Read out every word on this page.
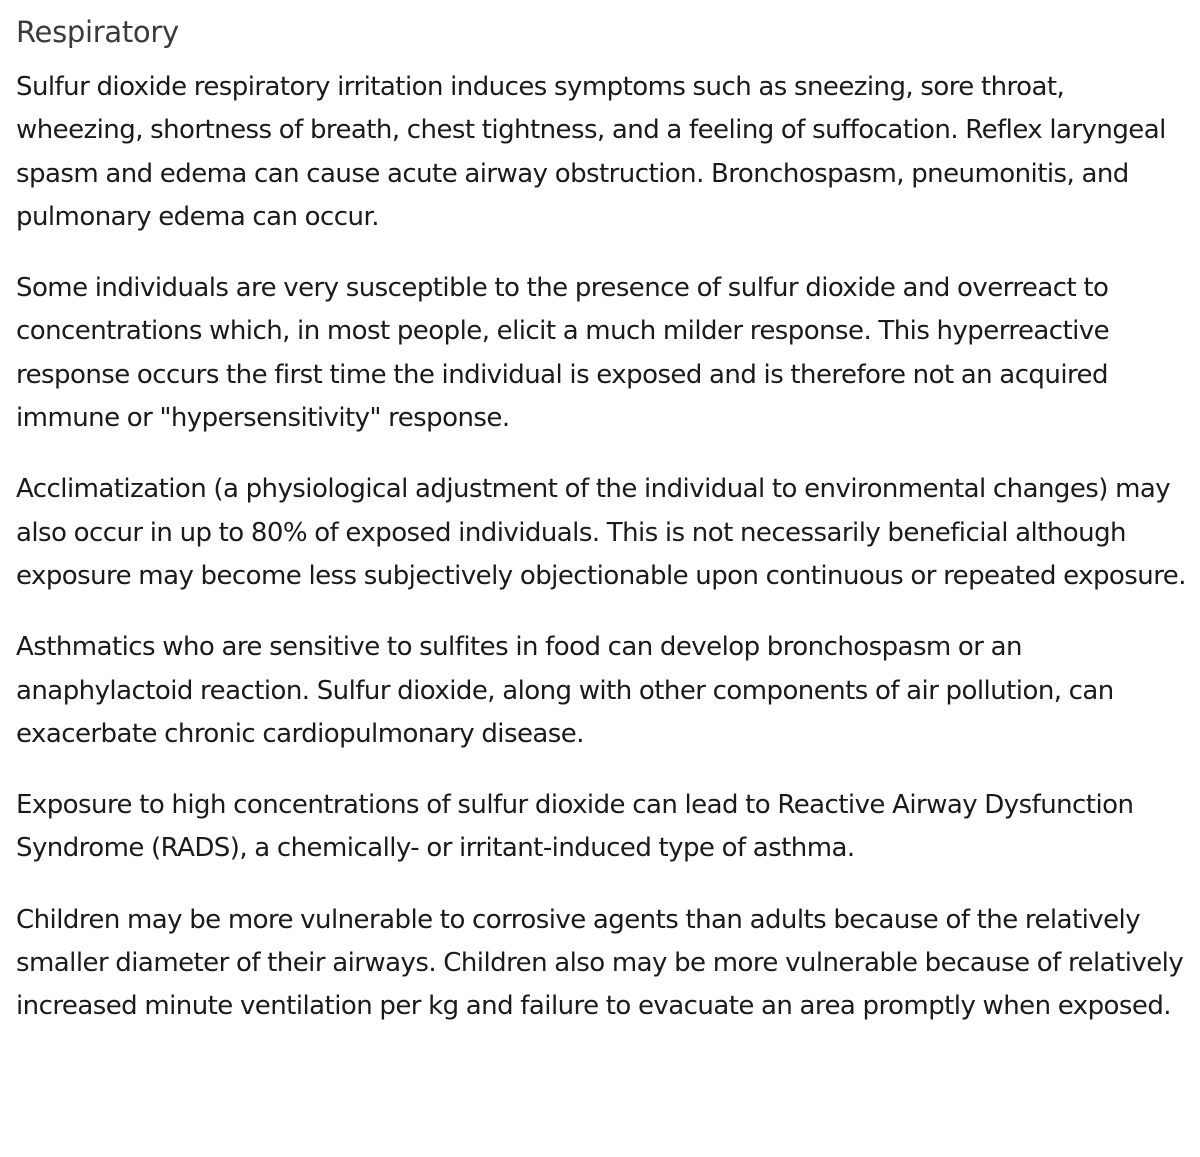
Respiratory

Sulfur dioxide respiratory irritation induces symptoms such as sneezing, sore throat, wheezing, shortness of breath, chest tightness, and a feeling of suffocation. Reflex laryngeal spasm and edema can cause acute airway obstruction. Bronchospasm, pneumonitis, and pulmonary edema can occur.

Some individuals are very susceptible to the presence of sulfur dioxide and overreact to concentrations which, in most people, elicit a much milder response. This hyperreactive response occurs the first time the individual is exposed and is therefore not an acquired immune or "hypersensitivity" response.

Acclimatization (a physiological adjustment of the individual to environmental changes) may also occur in up to 80% of exposed individuals. This is not necessarily beneficial although exposure may become less subjectively objectionable upon continuous or repeated exposure.

Asthmatics who are sensitive to sulfites in food can develop bronchospasm or an anaphylactoid reaction. Sulfur dioxide, along with other components of air pollution, can exacerbate chronic cardiopulmonary disease.

Exposure to high concentrations of sulfur dioxide can lead to Reactive Airway Dysfunction Syndrome (RADS), a chemically- or irritant-induced type of asthma.

Children may be more vulnerable to corrosive agents than adults because of the relatively smaller diameter of their airways. Children also may be more vulnerable because of relatively increased minute ventilation per kg and failure to evacuate an area promptly when exposed.
